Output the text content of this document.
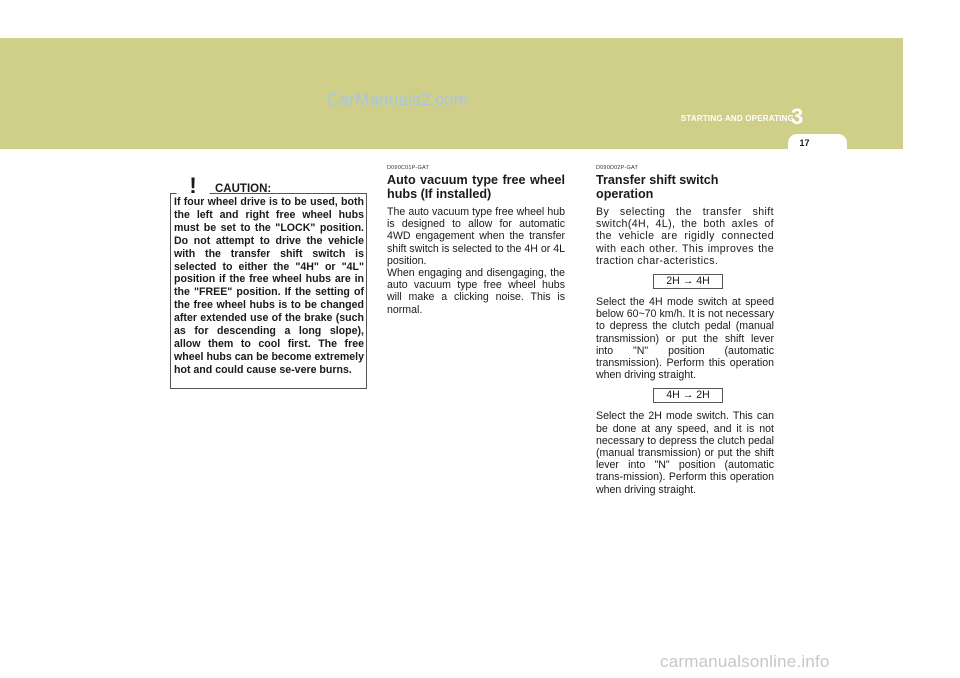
CarManuals2.com
STARTING AND OPERATING
3
17
! CAUTION:

If four wheel drive is to be used, both the left and right free wheel hubs must be set to the "LOCK" position. Do not attempt to drive the vehicle with the transfer shift switch is selected to either the "4H" or "4L" position if the free wheel hubs are in the "FREE" position. If the setting of the free wheel hubs is to be changed after extended use of the brake (such as for descending a long slope), allow them to cool first. The free wheel hubs can be become extremely hot and could cause se-vere burns.

D090C01P-GAT

Auto vacuum type free wheel hubs (If installed)

The auto vacuum type free wheel hub is designed to allow for automatic 4WD engagement when the transfer shift switch is selected to the 4H or 4L position.

When engaging and disengaging, the auto vacuum type free wheel hubs will make a clicking noise. This is normal.

D090D02P-GAT

Transfer shift switch operation

By selecting the transfer shift switch(4H, 4L), the both axles of the vehicle are rigidly connected with each other. This improves the traction char-acteristics.

2H → 4H

Select the 4H mode switch at speed below 60~70 km/h. It is not necessary to depress the clutch pedal (manual transmission) or put the shift lever into "N" position (automatic transmission). Perform this operation when driving straight.

4H → 2H

Select the 2H mode switch. This can be done at any speed, and it is not necessary to depress the clutch pedal (manual transmission) or put the shift lever into "N" position (automatic trans-mission). Perform this operation when driving straight.

carmanualsonline.info
